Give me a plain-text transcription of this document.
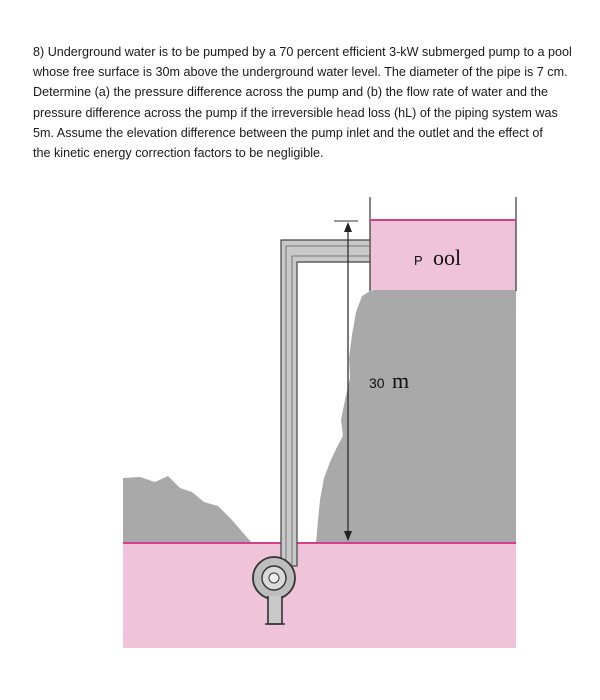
8) Underground water is to be pumped by a 70 percent efficient 3-kW submerged pump to a pool
whose free surface is 30m above the underground water level. The diameter of the pipe is 7 cm.
Determine (a) the pressure difference across the pump and (b) the flow rate of water and the
pressure difference across the pump if the irreversible head loss (hL) of the piping system was
5m. Assume the elevation difference between the pump inlet and the outlet and the effect of
the kinetic energy correction factors to be negligible.
P ool
30 m
